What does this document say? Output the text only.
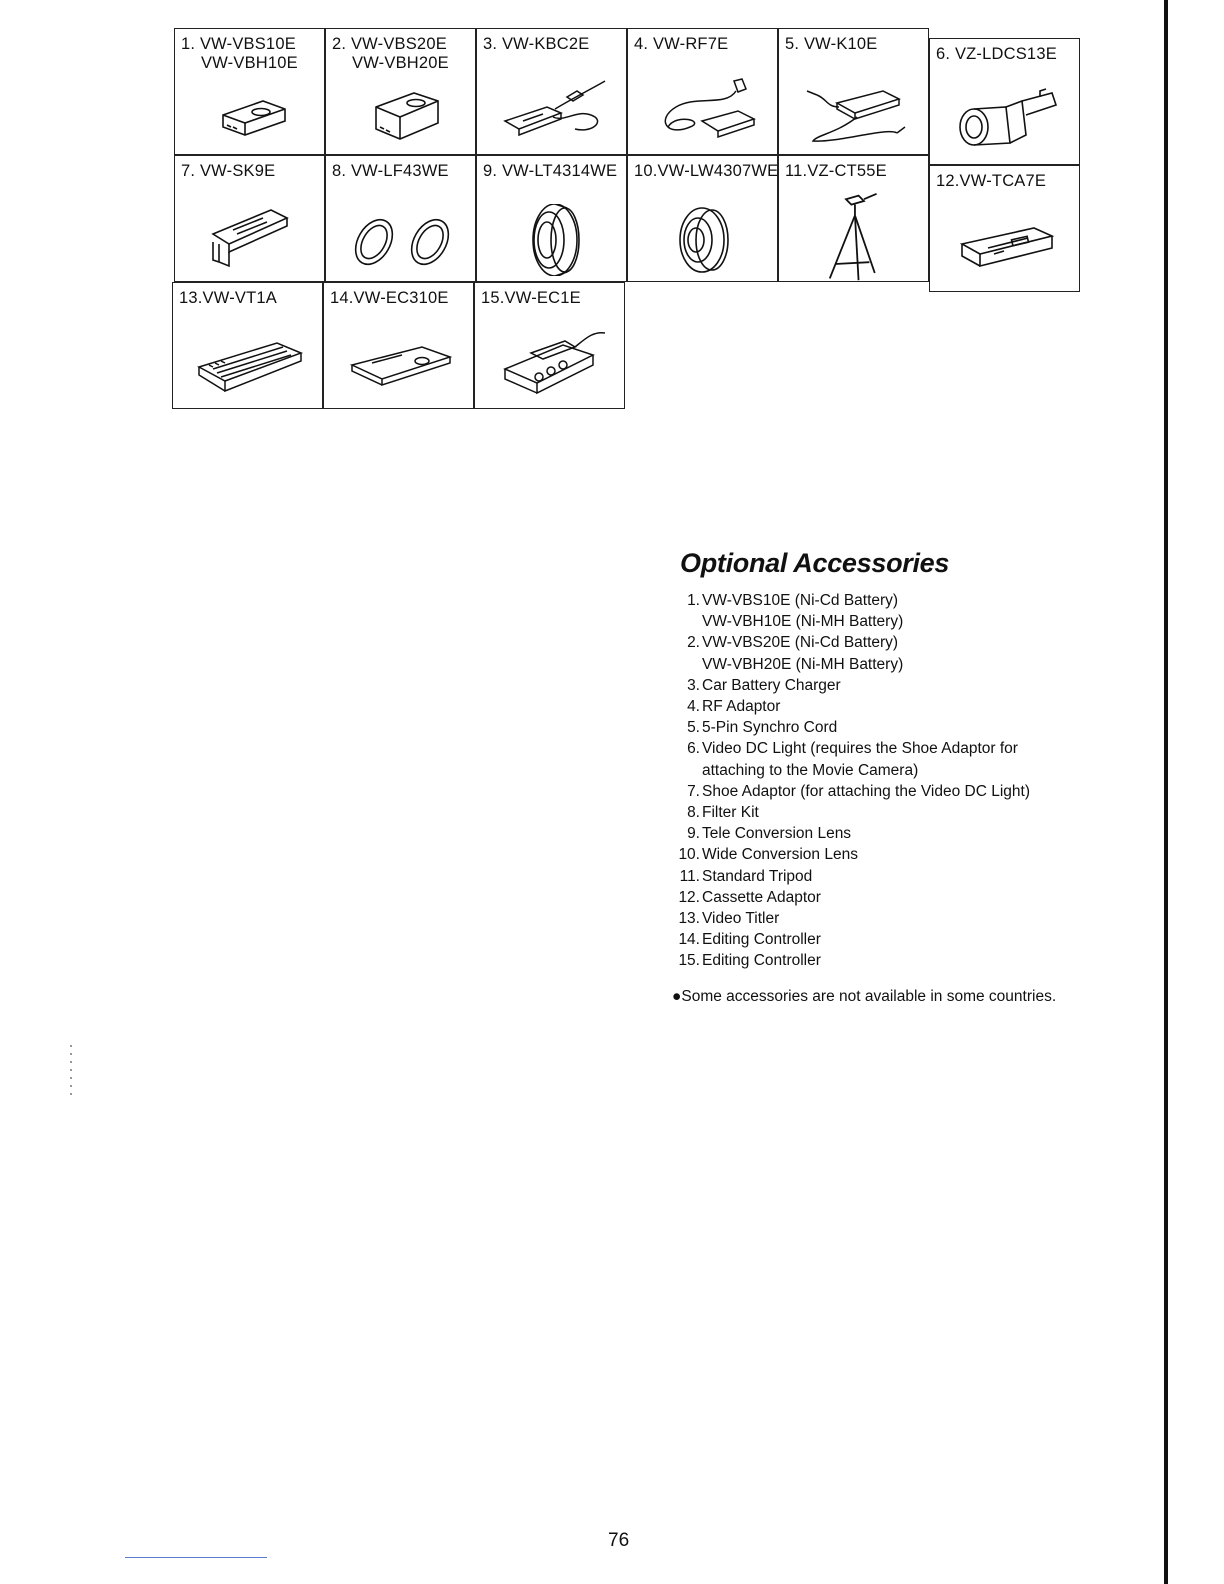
1. VW-VBS10E
VW-VBH10E
2. VW-VBS20E
VW-VBH20E
3. VW-KBC2E	4. VW-RF7E	5. VW-K10E
6. VZ-LDCS13E
7. VW-SK9E	8. VW-LF43WE	9. VW-LT4314WE	10.VW-LW4307WE 11.VZ-CT55E
12.VW-TCA7E
13.VW-VT1A	14.VW-EC310E	15.VW-EC1E
Optional Accessories
1. VW-VBS10E (Ni-Cd Battery)
VW-VBH10E (Ni-MH Battery)
2. VW-VBS20E (Ni-Cd Battery)
VW-VBH20E (Ni-MH Battery)
3. Car Battery Charger
4. RF Adaptor
5. 5-Pin Synchro Cord
6. Video DC Light (requires the Shoe Adaptor for
attaching to the Movie Camera)
7. Shoe Adaptor (for attaching the Video DC Light)
8. Filter Kit
9. Tele Conversion Lens
10. Wide Conversion Lens
11. Standard Tripod
12. Cassette Adaptor
13. Video Titler
14. Editing Controller
15. Editing Controller
●Some accessories are not available in some countries.
76
